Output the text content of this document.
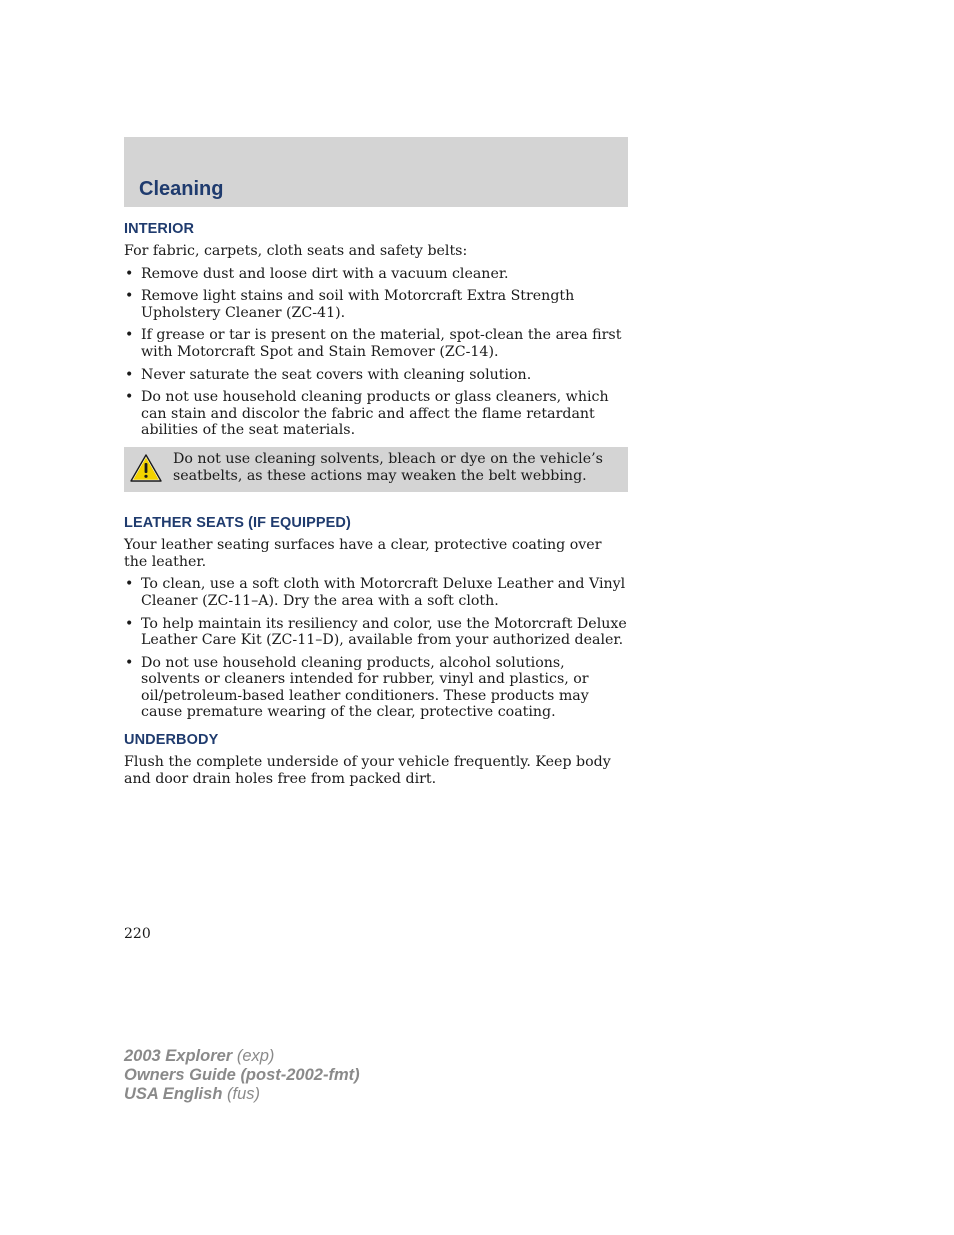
Cleaning
INTERIOR

For fabric, carpets, cloth seats and safety belts:

• Remove dust and loose dirt with a vacuum cleaner.
• Remove light stains and soil with Motorcraft Extra Strength Upholstery Cleaner (ZC-41).
• If grease or tar is present on the material, spot-clean the area first with Motorcraft Spot and Stain Remover (ZC-14).
• Never saturate the seat covers with cleaning solution.
• Do not use household cleaning products or glass cleaners, which can stain and discolor the fabric and affect the flame retardant abilities of the seat materials.
Do not use cleaning solvents, bleach or dye on the vehicle’s seatbelts, as these actions may weaken the belt webbing.
LEATHER SEATS (IF EQUIPPED)

Your leather seating surfaces have a clear, protective coating over the leather.

• To clean, use a soft cloth with Motorcraft Deluxe Leather and Vinyl Cleaner (ZC-11–A). Dry the area with a soft cloth.
• To help maintain its resiliency and color, use the Motorcraft Deluxe Leather Care Kit (ZC-11–D), available from your authorized dealer.
• Do not use household cleaning products, alcohol solutions, solvents or cleaners intended for rubber, vinyl and plastics, or oil/petroleum-based leather conditioners. These products may cause premature wearing of the clear, protective coating.
UNDERBODY

Flush the complete underside of your vehicle frequently. Keep body and door drain holes free from packed dirt.

220
2003 Explorer (exp)
Owners Guide (post-2002-fmt)
USA English (fus)
